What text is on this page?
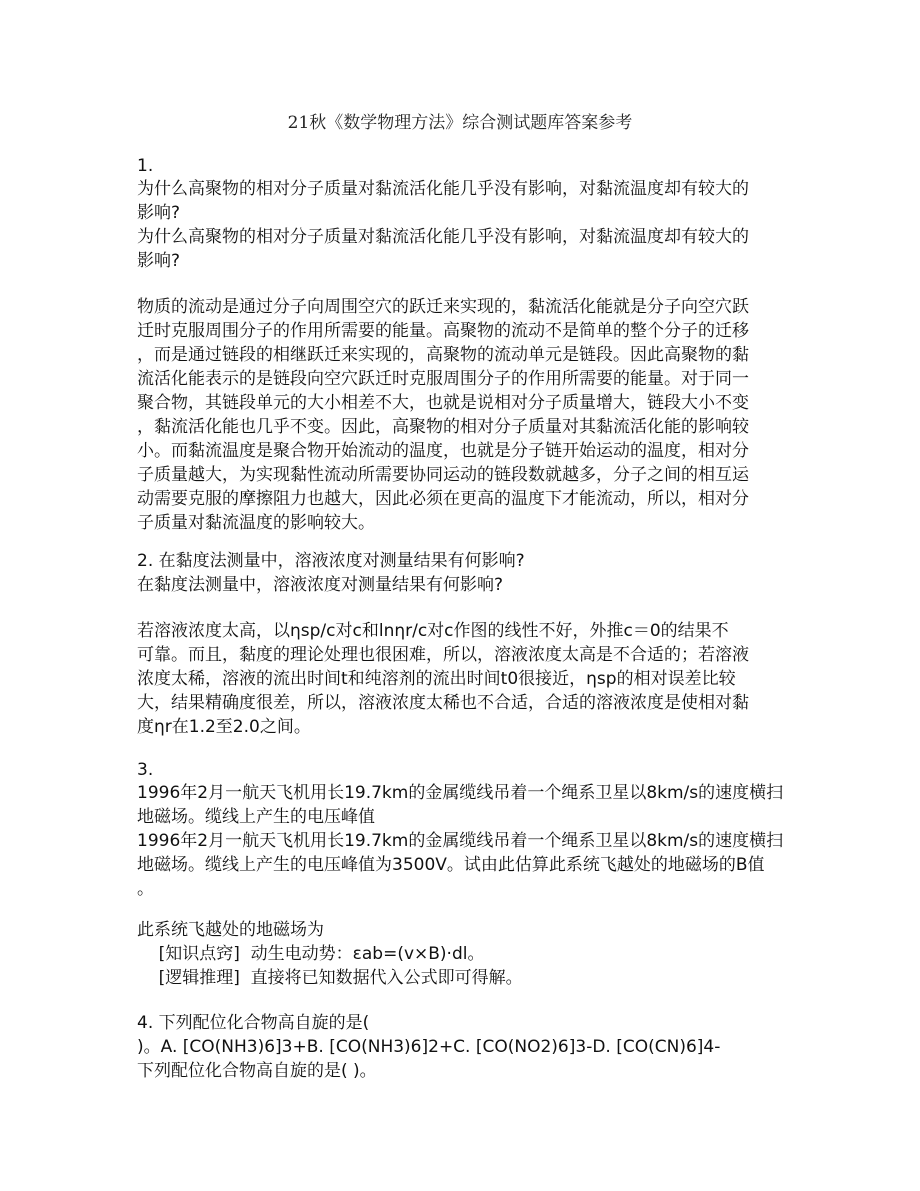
21秋《数学物理方法》综合测试题库答案参考
1.
为什么高聚物的相对分子质量对黏流活化能几乎没有影响，对黏流温度却有较大的
影响?
为什么高聚物的相对分子质量对黏流活化能几乎没有影响，对黏流温度却有较大的
影响?
物质的流动是通过分子向周围空穴的跃迁来实现的，黏流活化能就是分子向空穴跃
迁时克服周围分子的作用所需要的能量。高聚物的流动不是简单的整个分子的迁移
，而是通过链段的相继跃迁来实现的，高聚物的流动单元是链段。因此高聚物的黏
流活化能表示的是链段向空穴跃迁时克服周围分子的作用所需要的能量。对于同一
聚合物，其链段单元的大小相差不大，也就是说相对分子质量增大，链段大小不变
，黏流活化能也几乎不变。因此，高聚物的相对分子质量对其黏流活化能的影响较
小。而黏流温度是聚合物开始流动的温度，也就是分子链开始运动的温度，相对分
子质量越大，为实现黏性流动所需要协同运动的链段数就越多，分子之间的相互运
动需要克服的摩擦阻力也越大，因此必须在更高的温度下才能流动，所以，相对分
子质量对黏流温度的影响较大。
2. 在黏度法测量中，溶液浓度对测量结果有何影响?
在黏度法测量中，溶液浓度对测量结果有何影响?
若溶液浓度太高，以ηsp/c对c和lnηr/c对c作图的线性不好，外推c＝0的结果不
可靠。而且，黏度的理论处理也很困难，所以，溶液浓度太高是不合适的；若溶液
浓度太稀，溶液的流出时间t和纯溶剂的流出时间t0很接近，ηsp的相对误差比较
大，结果精确度很差，所以，溶液浓度太稀也不合适，合适的溶液浓度是使相对黏
度ηr在1.2至2.0之间。
3.
1996年2月一航天飞机用长19.7km的金属缆线吊着一个绳系卫星以8km/s的速度横扫
地磁场。缆线上产生的电压峰值
1996年2月一航天飞机用长19.7km的金属缆线吊着一个绳系卫星以8km/s的速度横扫
地磁场。缆线上产生的电压峰值为3500V。试由此估算此系统飞越处的地磁场的B值
。
此系统飞越处的地磁场为
[知识点窍]  动生电动势：εab=(v×B)·dl。
[逻辑推理]  直接将已知数据代入公式即可得解。
4. 下列配位化合物高自旋的是(
)。A. [CO(NH3)6]3+B. [CO(NH3)6]2+C. [CO(NO2)6]3-D. [CO(CN)6]4-
下列配位化合物高自旋的是( )。
